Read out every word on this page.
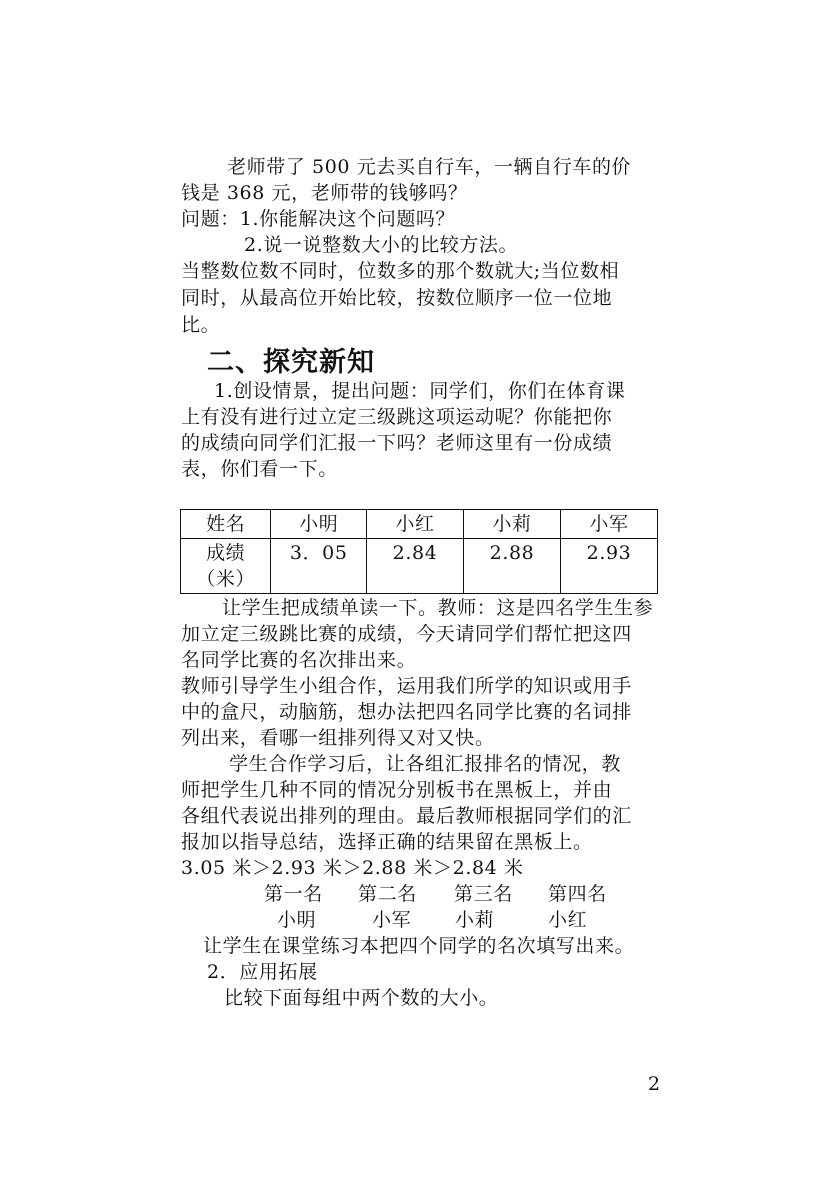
老师带了 500 元去买自行车，一辆自行车的价
钱是 368 元，老师带的钱够吗？
问题：1.你能解决这个问题吗？
2.说一说整数大小的比较方法。
当整数位数不同时，位数多的那个数就大;当位数相
同时，从最高位开始比较，按数位顺序一位一位地
比。
二、探究新知
1.创设情景，提出问题：同学们，你们在体育课
上有没有进行过立定三级跳这项运动呢？你能把你
的成绩向同学们汇报一下吗？老师这里有一份成绩
表，你们看一下。
姓名	小明	小红	小莉	小军

成绩
（米）	3．05	2.84	2.88	2.93
让学生把成绩单读一下。教师：这是四名学生生参
加立定三级跳比赛的成绩，今天请同学们帮忙把这四
名同学比赛的名次排出来。
教师引导学生小组合作，运用我们所学的知识或用手
中的盒尺，动脑筋，想办法把四名同学比赛的名词排
列出来，看哪一组排列得又对又快。
学生合作学习后，让各组汇报排名的情况，教
师把学生几种不同的情况分别板书在黑板上，并由
各组代表说出排列的理由。最后教师根据同学们的汇
报加以指导总结，选择正确的结果留在黑板上。
3.05 米＞2.93 米＞2.88 米＞2.84 米
第一名 第二名 第三名 第四名
小明	小军 小莉	小红
让学生在课堂练习本把四个同学的名次填写出来。
2．应用拓展
比较下面每组中两个数的大小。
2
